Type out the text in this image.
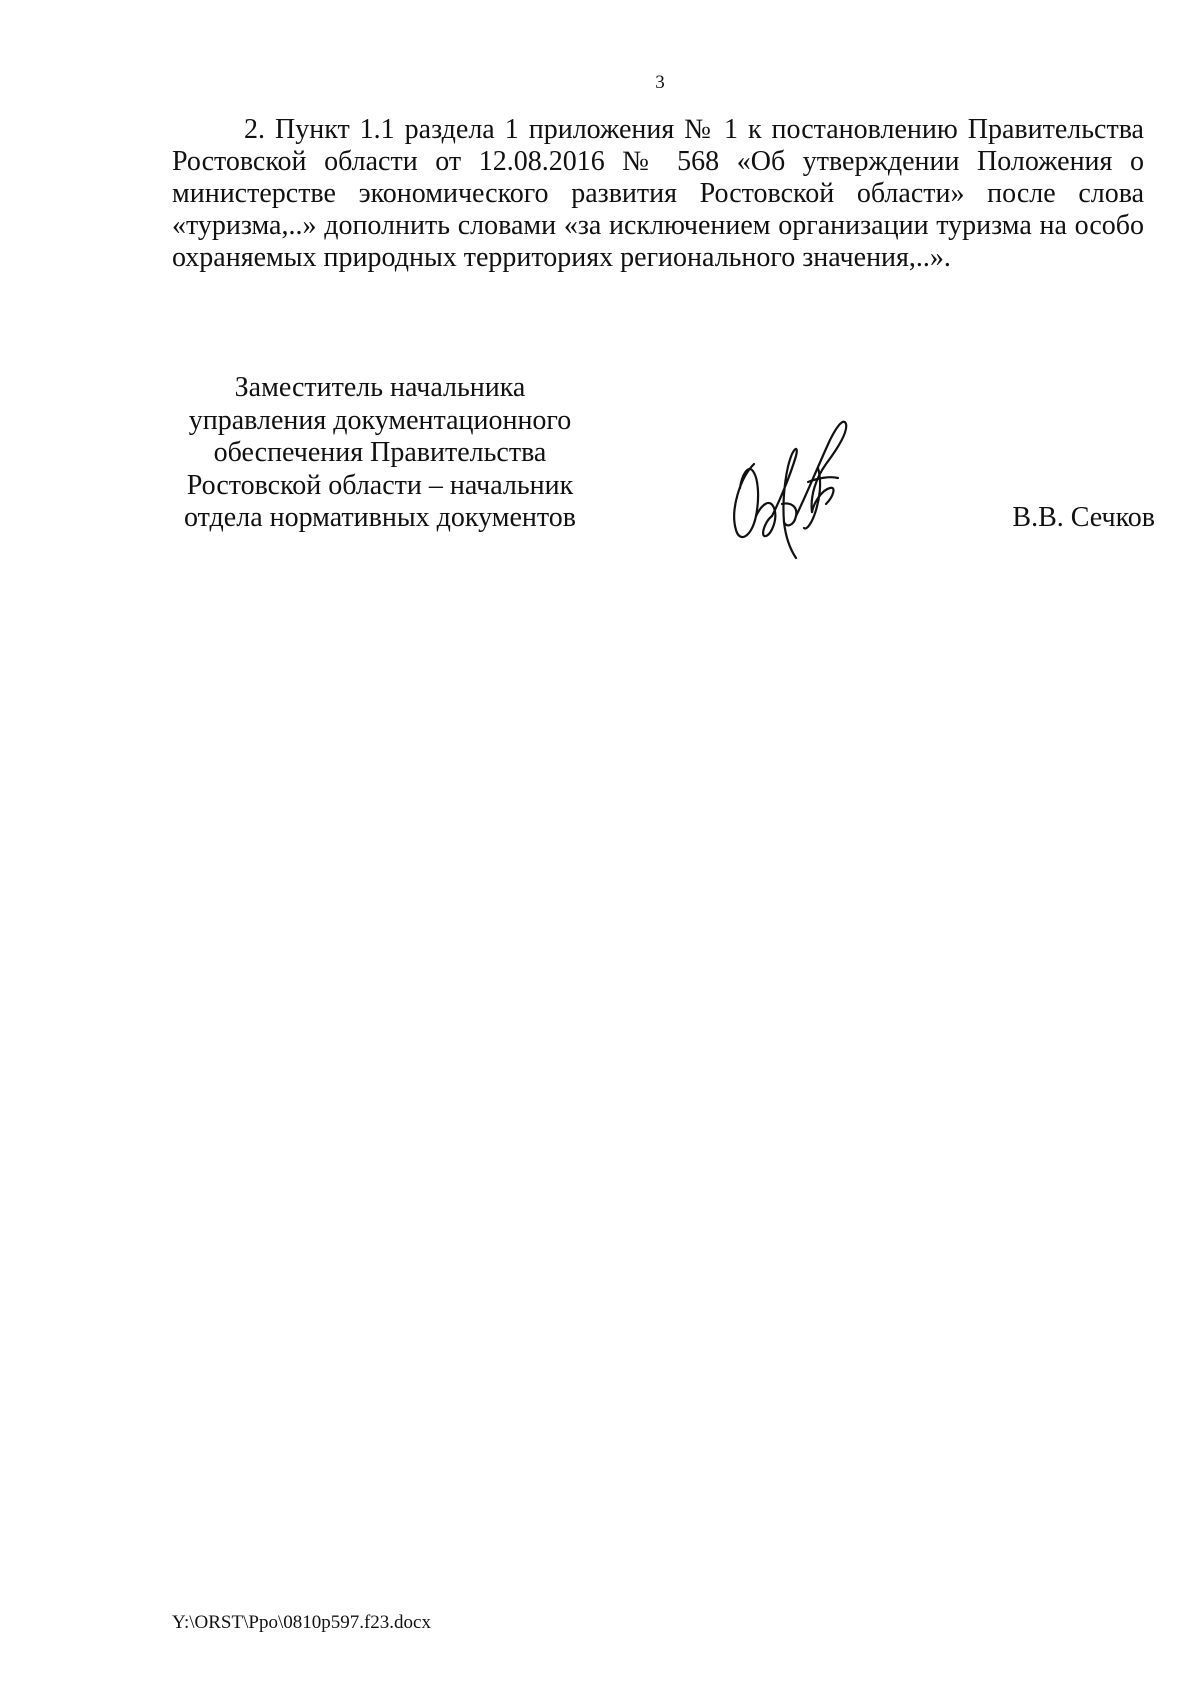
3

2. Пункт 1.1 раздела 1 приложения № 1 к постановлению Правительства Ростовской области от 12.08.2016 № 568 «Об утверждении Положения о министерстве экономического развития Ростовской области» после слова «туризма,..» дополнить словами «за исключением организации туризма на особо охраняемых природных территориях регионального значения,..».

Заместитель начальника
управления документационного
обеспечения Правительства
Ростовской области – начальник
отдела нормативных документов	В.В. Сечков
Y:\ORST\Ppo\0810p597.f23.docx
